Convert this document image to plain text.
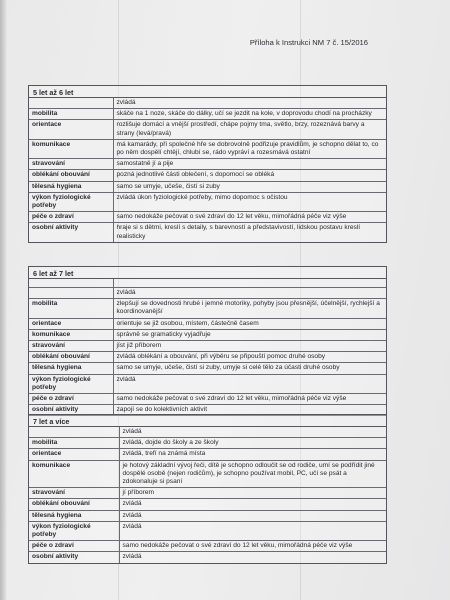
Příloha k Instrukci NM 7 č. 15/2016
5 let až 6 let
	zvládá
mobilita	skáče na 1 noze, skáče do dálky, učí se jezdit na kole, v doprovodu chodí na procházky
orientace	rozlišuje domácí a vnější prostředí, chápe pojmy tma, světlo, brzy, rozeznává barvy a strany (levá/pravá)
komunikace	má kamarády, při společné hře se dobrovolně podřizuje pravidlům, je schopno dělat to, co po něm dospělí chtějí, chlubí se, rádo vypráví a rozesmává ostatní
stravování	samostatně jí a pije
oblékání obouvání	pozná jednotlivé části oblečení, s dopomocí se obléká
tělesná hygiena	samo se umyje, učeše, čistí si zuby
výkon fyziologické potřeby	zvládá úkon fyziologické potřeby, mimo dopomoc s očistou
péče o zdraví	samo nedokáže pečovat o své zdraví do 12 let věku, mimořádná péče viz výše
osobní aktivity	hraje si s dětmi, kreslí s detaily, s barevností a představivostí, lidskou postavu kreslí realisticky
6 let až 7 let

	zvládá
mobilita	zlepšují se dovednosti hrubé i jemné motoriky, pohyby jsou přesnější, účelnější, rychlejší a koordinovanější
orientace	orientuje se již osobou, místem, částečně časem
komunikace	správně se gramaticky vyjadřuje
stravování	jíst již příborem
oblékání obouvání	zvládá oblékání a obouvání, při výběru se připouští pomoc druhé osoby
tělesná hygiena	samo se umyje, učeše, čistí si zuby, umyje si celé tělo za účasti druhé osoby
výkon fyziologické potřeby	zvládá
péče o zdraví	samo nedokáže pečovat o své zdraví do 12 let věku, mimořádná péče viz výše
osobní aktivity	zapojí se do kolektivních aktivit
7 let a více
	zvládá
mobilita	zvládá, dojde do školy a ze školy
orientace	zvládá, trefí na známá místa
komunikace	je hotový základní vývoj řeči, dítě je schopno odloučit se od rodiče, umí se podřídit jiné dospělé osobě (nejen rodičům), je schopno používat mobil, PC, učí se psát a zdokonaluje si psaní
stravování	jí příborem
oblékání obouvání	zvládá
tělesná hygiena	zvládá
výkon fyziologické potřeby	zvládá
péče o zdraví	samo nedokáže pečovat o své zdraví do 12 let věku, mimořádná péče viz výše
osobní aktivity	zvládá
